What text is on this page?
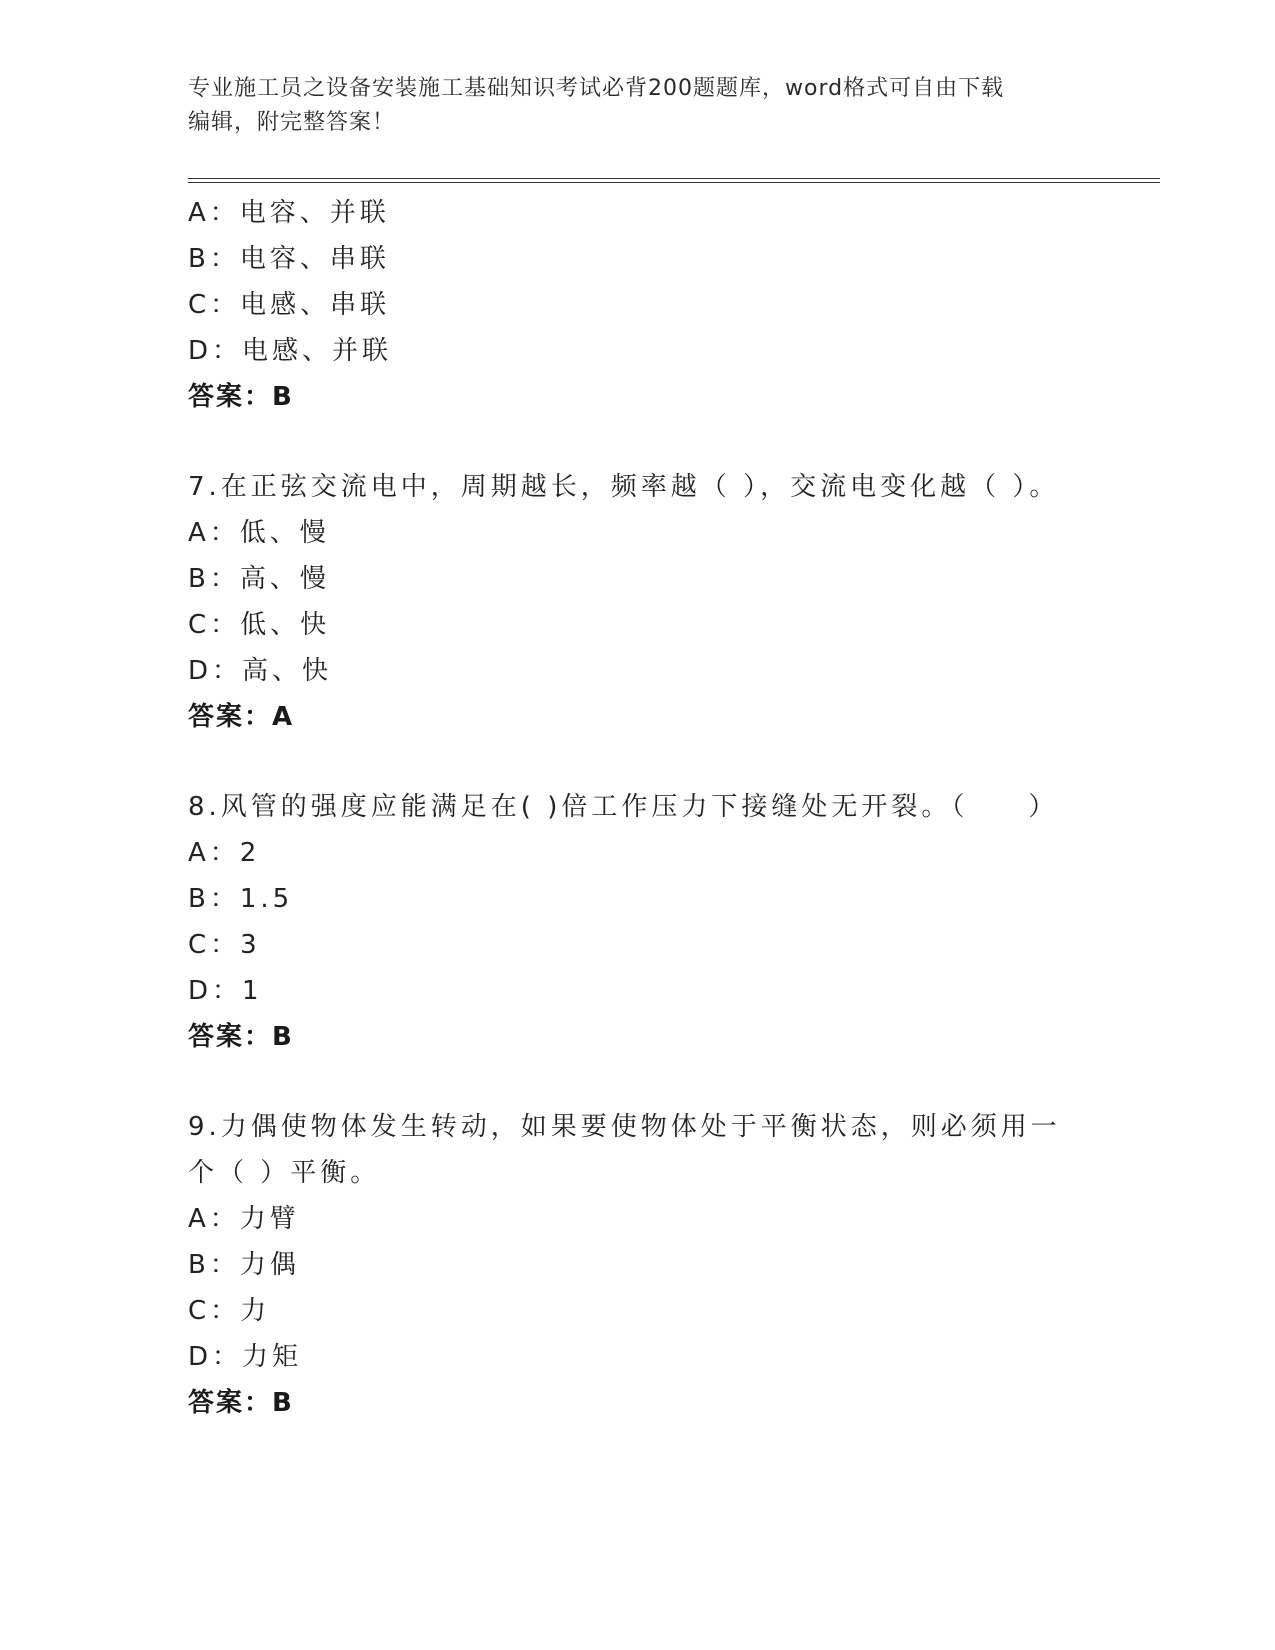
专业施工员之设备安装施工基础知识考试必背200题题库，word格式可自由下载
编辑，附完整答案！
A：电容、并联
B：电容、串联
C：电感、串联
D：电感、并联
答案：B
7.在正弦交流电中，周期越长，频率越（ ），交流电变化越（ ）。
A：低、慢
B：高、慢
C：低、快
D：高、快
答案：A
8.风管的强度应能满足在( )倍工作压力下接缝处无开裂。（　　）
A：2
B：1.5
C：3
D：1
答案：B
9.力偶使物体发生转动，如果要使物体处于平衡状态，则必须用一个（ ）平衡。
A：力臂
B：力偶
C：力
D：力矩
答案：B
